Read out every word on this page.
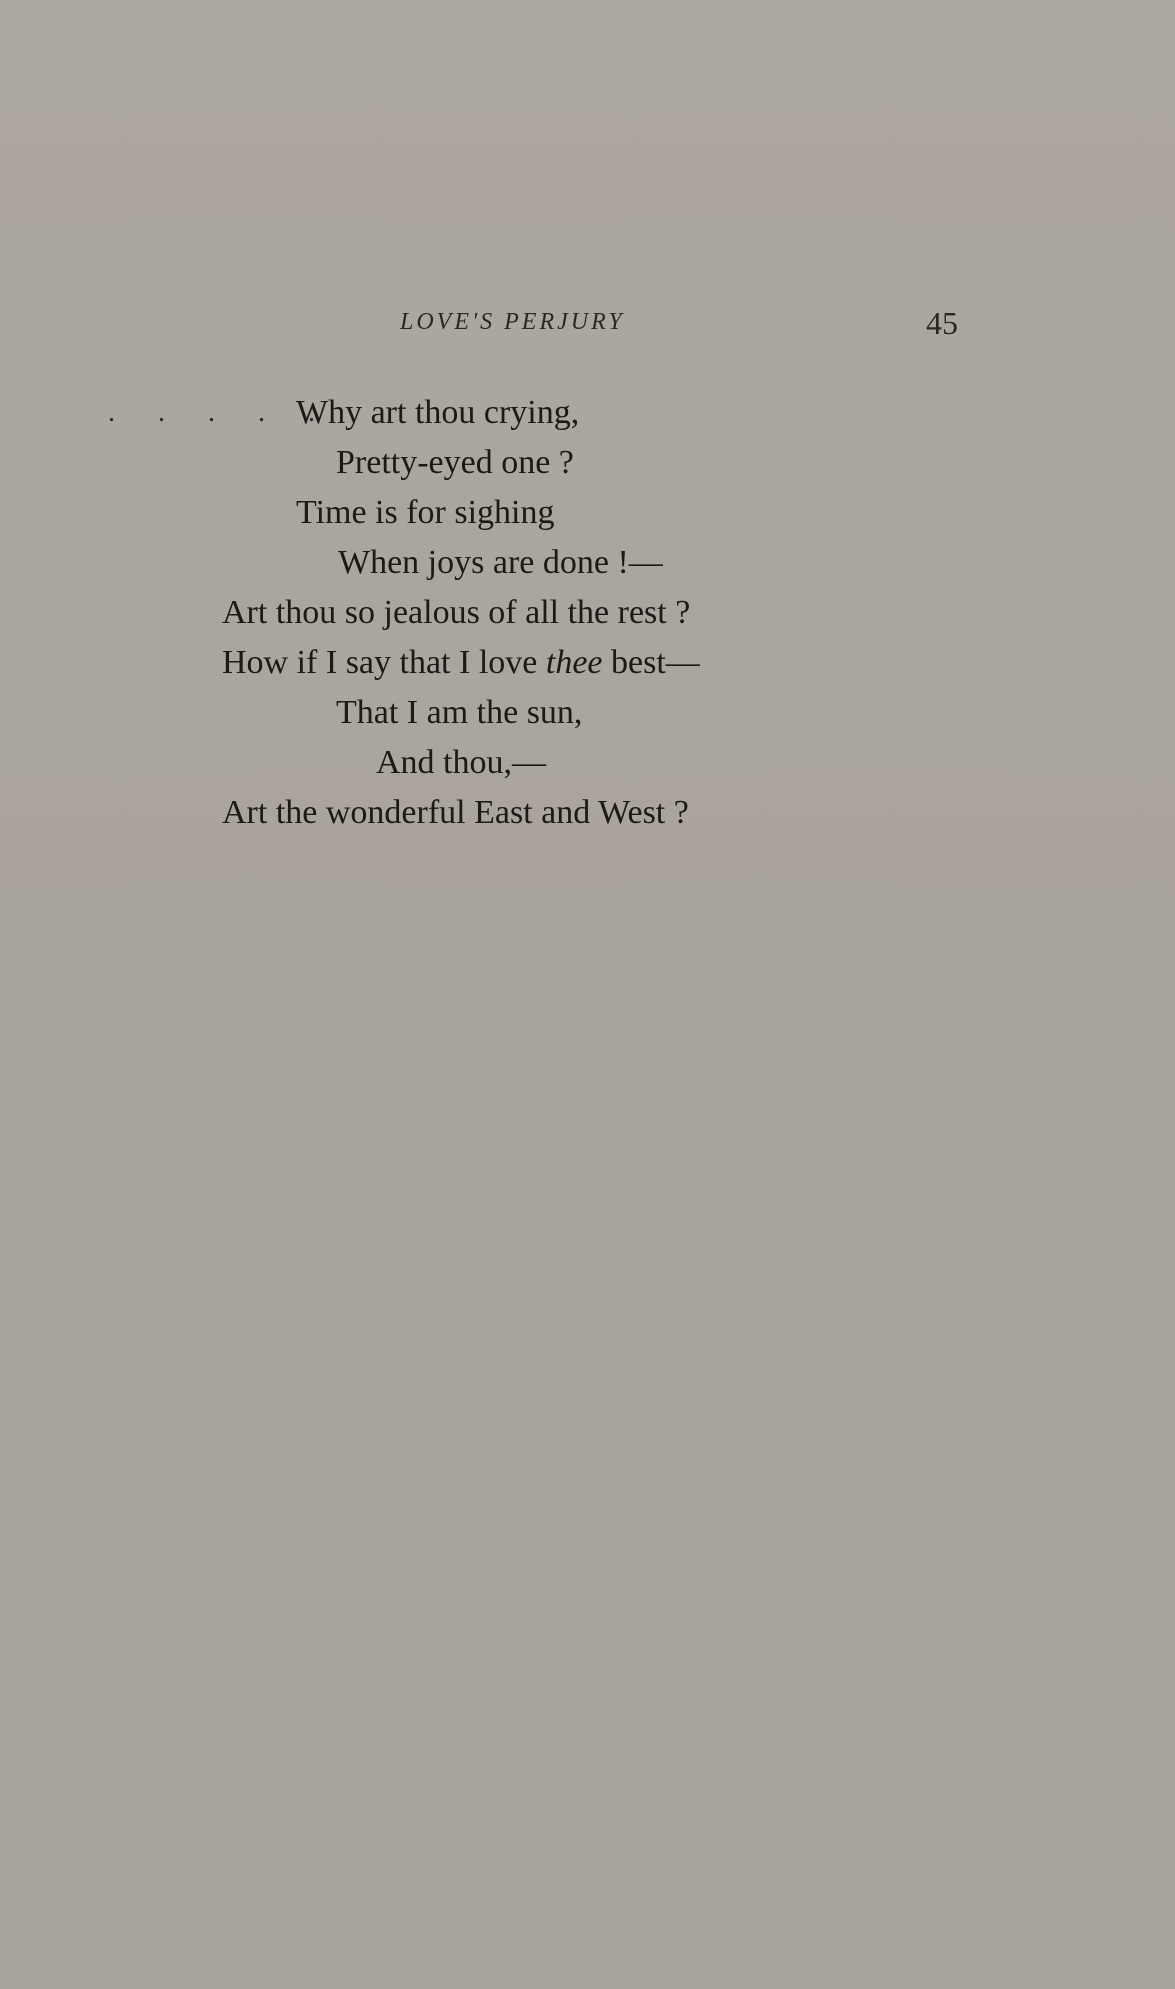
LOVE'S PERJURY	45
. . . . .
Why art thou crying,
Pretty-eyed one ?
Time is for sighing
When joys are done !—
Art thou so jealous of all the rest ?
How if I say that I love thee best—
That I am the sun,
And thou,—
Art the wonderful East and West ?
